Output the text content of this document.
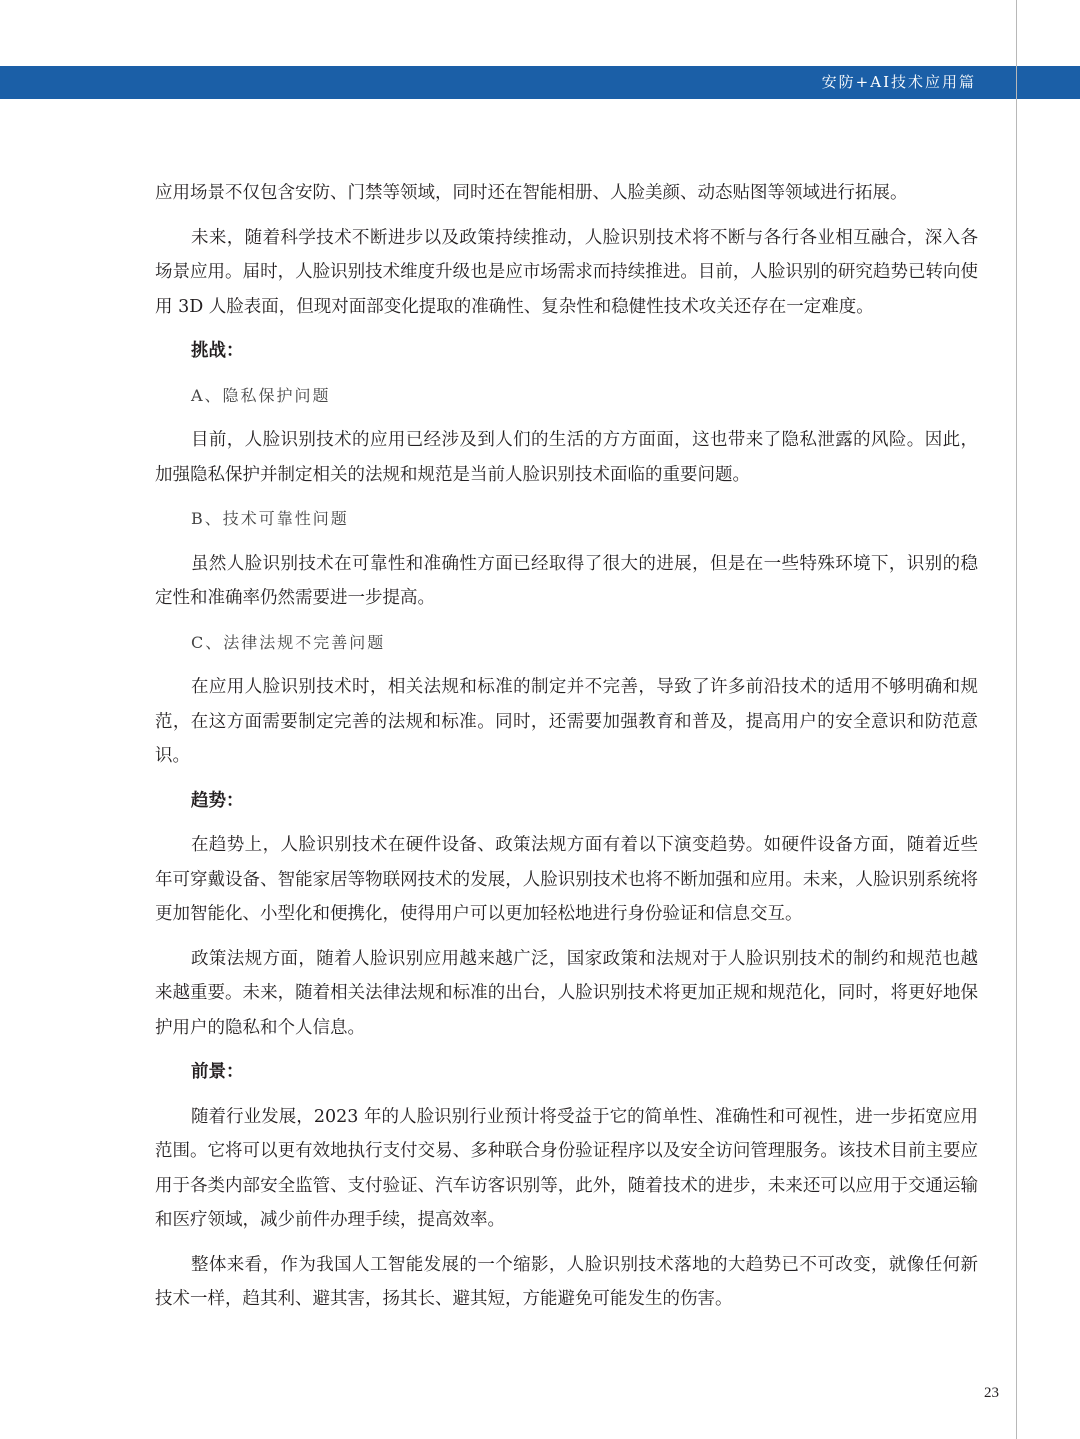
安防+AI技术应用篇

应用场景不仅包含安防、门禁等领域，同时还在智能相册、人脸美颜、动态贴图等领域进行拓展。

未来，随着科学技术不断进步以及政策持续推动，人脸识别技术将不断与各行各业相互融合，深入各场景应用。届时，人脸识别技术维度升级也是应市场需求而持续推进。目前，人脸识别的研究趋势已转向使用 3D 人脸表面，但现对面部变化提取的准确性、复杂性和稳健性技术攻关还存在一定难度。

挑战：

A、隐私保护问题

目前，人脸识别技术的应用已经涉及到人们的生活的方方面面，这也带来了隐私泄露的风险。因此，加强隐私保护并制定相关的法规和规范是当前人脸识别技术面临的重要问题。

B、技术可靠性问题

虽然人脸识别技术在可靠性和准确性方面已经取得了很大的进展，但是在一些特殊环境下，识别的稳定性和准确率仍然需要进一步提高。

C、法律法规不完善问题

在应用人脸识别技术时，相关法规和标准的制定并不完善，导致了许多前沿技术的适用不够明确和规范，在这方面需要制定完善的法规和标准。同时，还需要加强教育和普及，提高用户的安全意识和防范意识。

趋势：

在趋势上，人脸识别技术在硬件设备、政策法规方面有着以下演变趋势。如硬件设备方面，随着近些年可穿戴设备、智能家居等物联网技术的发展，人脸识别技术也将不断加强和应用。未来，人脸识别系统将更加智能化、小型化和便携化，使得用户可以更加轻松地进行身份验证和信息交互。

政策法规方面，随着人脸识别应用越来越广泛，国家政策和法规对于人脸识别技术的制约和规范也越来越重要。未来，随着相关法律法规和标准的出台，人脸识别技术将更加正规和规范化，同时，将更好地保护用户的隐私和个人信息。

前景：

随着行业发展，2023 年的人脸识别行业预计将受益于它的简单性、准确性和可视性，进一步拓宽应用范围。它将可以更有效地执行支付交易、多种联合身份验证程序以及安全访问管理服务。该技术目前主要应用于各类内部安全监管、支付验证、汽车访客识别等，此外，随着技术的进步，未来还可以应用于交通运输和医疗领域，减少前件办理手续，提高效率。

整体来看，作为我国人工智能发展的一个缩影，人脸识别技术落地的大趋势已不可改变，就像任何新技术一样，趋其利、避其害，扬其长、避其短，方能避免可能发生的伤害。

23
